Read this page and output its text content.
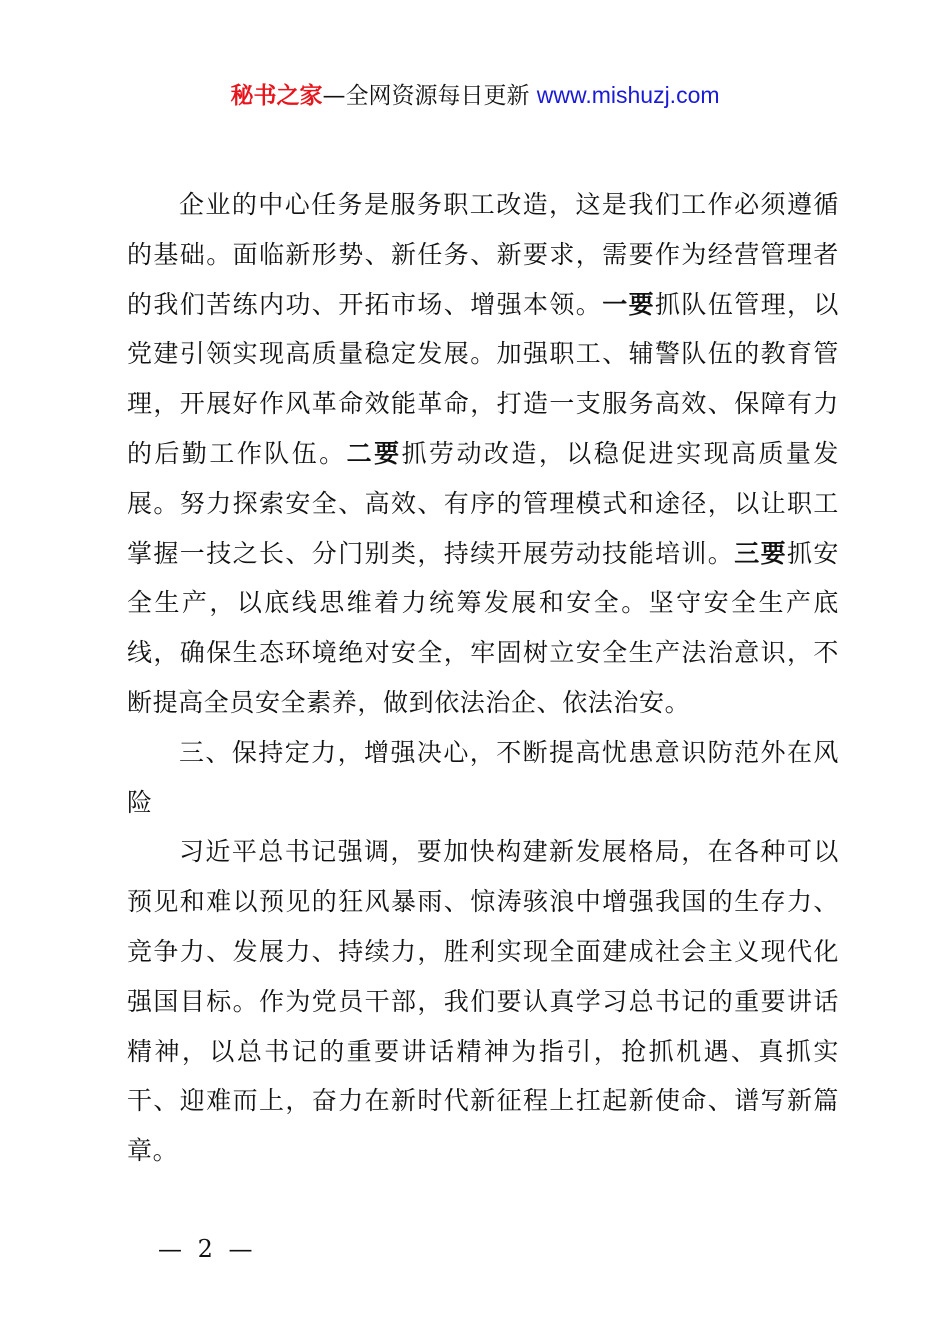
秘书之家—全网资源每日更新 www.mishuzj.com

企业的中心任务是服务职工改造，这是我们工作必须遵循的基础。面临新形势、新任务、新要求，需要作为经营管理者的我们苦练内功、开拓市场、增强本领。一要抓队伍管理，以党建引领实现高质量稳定发展。加强职工、辅警队伍的教育管理，开展好作风革命效能革命，打造一支服务高效、保障有力的后勤工作队伍。二要抓劳动改造，以稳促进实现高质量发展。努力探索安全、高效、有序的管理模式和途径，以让职工掌握一技之长、分门别类，持续开展劳动技能培训。三要抓安全生产，以底线思维着力统筹发展和安全。坚守安全生产底线，确保生态环境绝对安全，牢固树立安全生产法治意识，不断提高全员安全素养，做到依法治企、依法治安。

三、保持定力，增强决心，不断提高忧患意识防范外在风险

习近平总书记强调，要加快构建新发展格局，在各种可以预见和难以预见的狂风暴雨、惊涛骇浪中增强我国的生存力、竞争力、发展力、持续力，胜利实现全面建成社会主义现代化强国目标。作为党员干部，我们要认真学习总书记的重要讲话精神，以总书记的重要讲话精神为指引，抢抓机遇、真抓实干、迎难而上，奋力在新时代新征程上扛起新使命、谱写新篇章。

— 2 —
